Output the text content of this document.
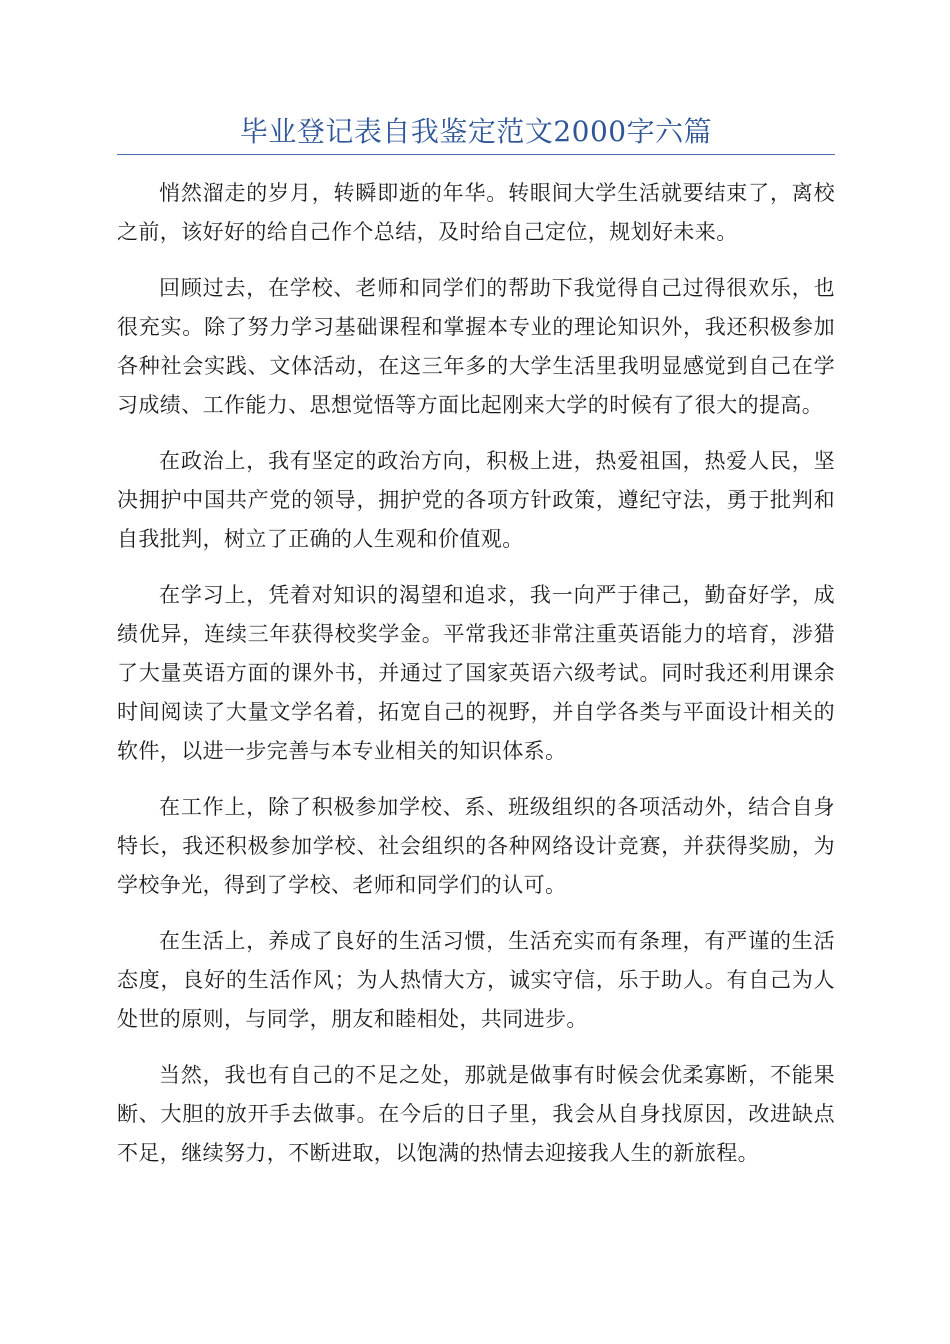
毕业登记表自我鉴定范文2000字六篇

悄然溜走的岁月，转瞬即逝的年华。转眼间大学生活就要结束了，离校之前，该好好的给自己作个总结，及时给自己定位，规划好未来。

回顾过去，在学校、老师和同学们的帮助下我觉得自己过得很欢乐，也很充实。除了努力学习基础课程和掌握本专业的理论知识外，我还积极参加各种社会实践、文体活动，在这三年多的大学生活里我明显感觉到自己在学习成绩、工作能力、思想觉悟等方面比起刚来大学的时候有了很大的提高。

在政治上，我有坚定的政治方向，积极上进，热爱祖国，热爱人民，坚决拥护中国共产党的领导，拥护党的各项方针政策，遵纪守法，勇于批判和自我批判，树立了正确的人生观和价值观。

在学习上，凭着对知识的渴望和追求，我一向严于律己，勤奋好学，成绩优异，连续三年获得校奖学金。平常我还非常注重英语能力的培育，涉猎了大量英语方面的课外书，并通过了国家英语六级考试。同时我还利用课余时间阅读了大量文学名着，拓宽自己的视野，并自学各类与平面设计相关的软件，以进一步完善与本专业相关的知识体系。

在工作上，除了积极参加学校、系、班级组织的各项活动外，结合自身特长，我还积极参加学校、社会组织的各种网络设计竞赛，并获得奖励，为学校争光，得到了学校、老师和同学们的认可。

在生活上，养成了良好的生活习惯，生活充实而有条理，有严谨的生活态度，良好的生活作风；为人热情大方，诚实守信，乐于助人。有自己为人处世的原则，与同学，朋友和睦相处，共同进步。

当然，我也有自己的不足之处，那就是做事有时候会优柔寡断，不能果断、大胆的放开手去做事。在今后的日子里，我会从自身找原因，改进缺点不足，继续努力，不断进取，以饱满的热情去迎接我人生的新旅程。
